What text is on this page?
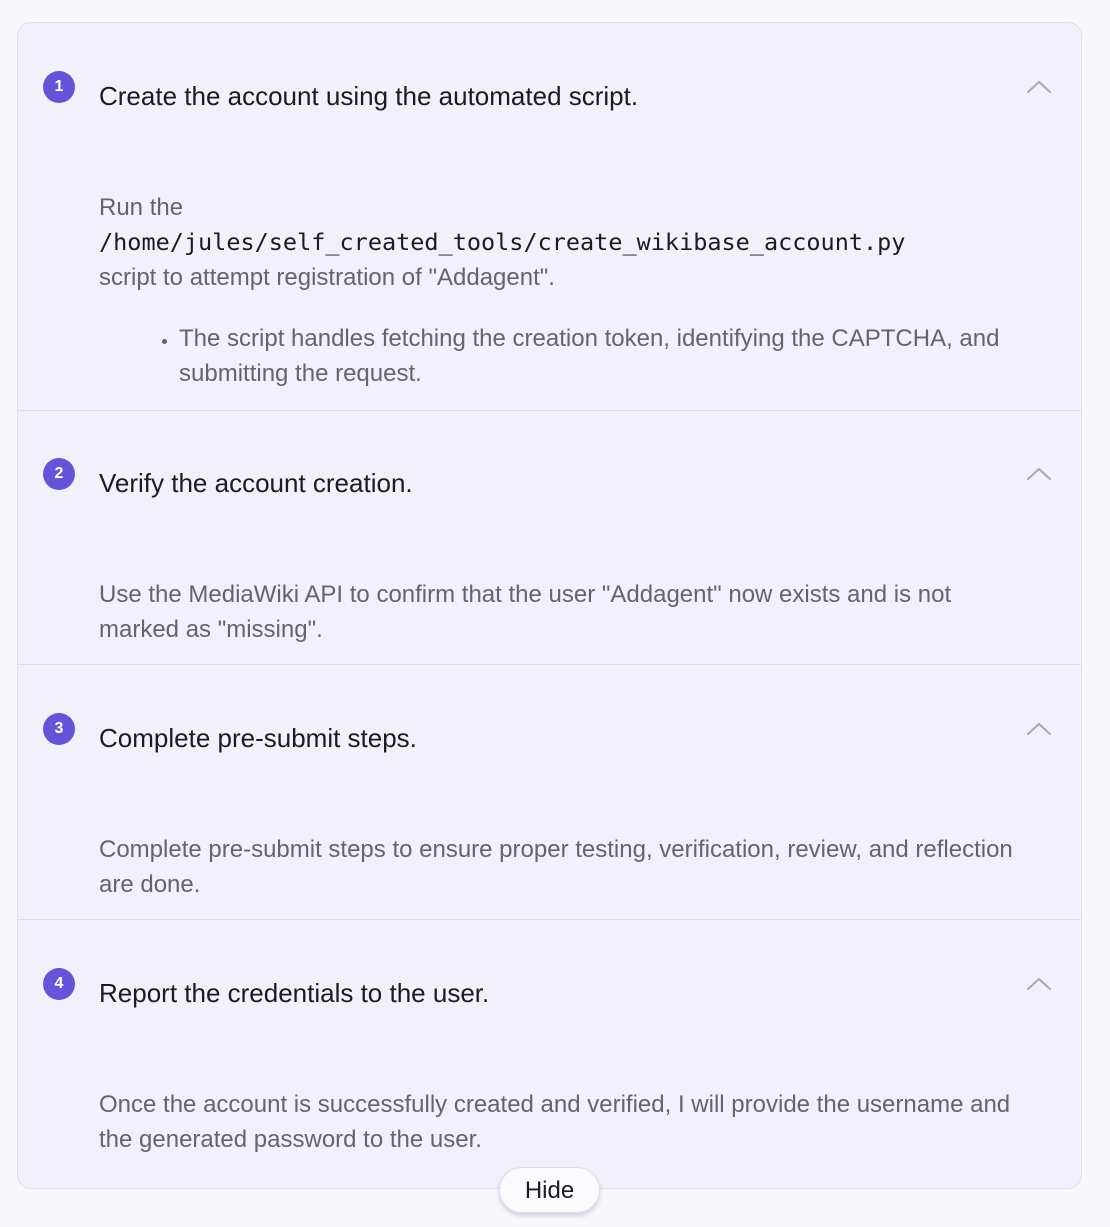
1	Create the account using the automated script.

Run the
/home/jules/self_created_tools/create_wikibase_account.py
script to attempt registration of "Addagent".

• The script handles fetching the creation token, identifying the CAPTCHA, and submitting the request.
2	Verify the account creation.

Use the MediaWiki API to confirm that the user "Addagent" now exists and is not marked as "missing".

3	Complete pre-submit steps.

Complete pre-submit steps to ensure proper testing, verification, review, and reflection are done.

4	Report the credentials to the user.

Once the account is successfully created and verified, I will provide the username and the generated password to the user.

Hide
